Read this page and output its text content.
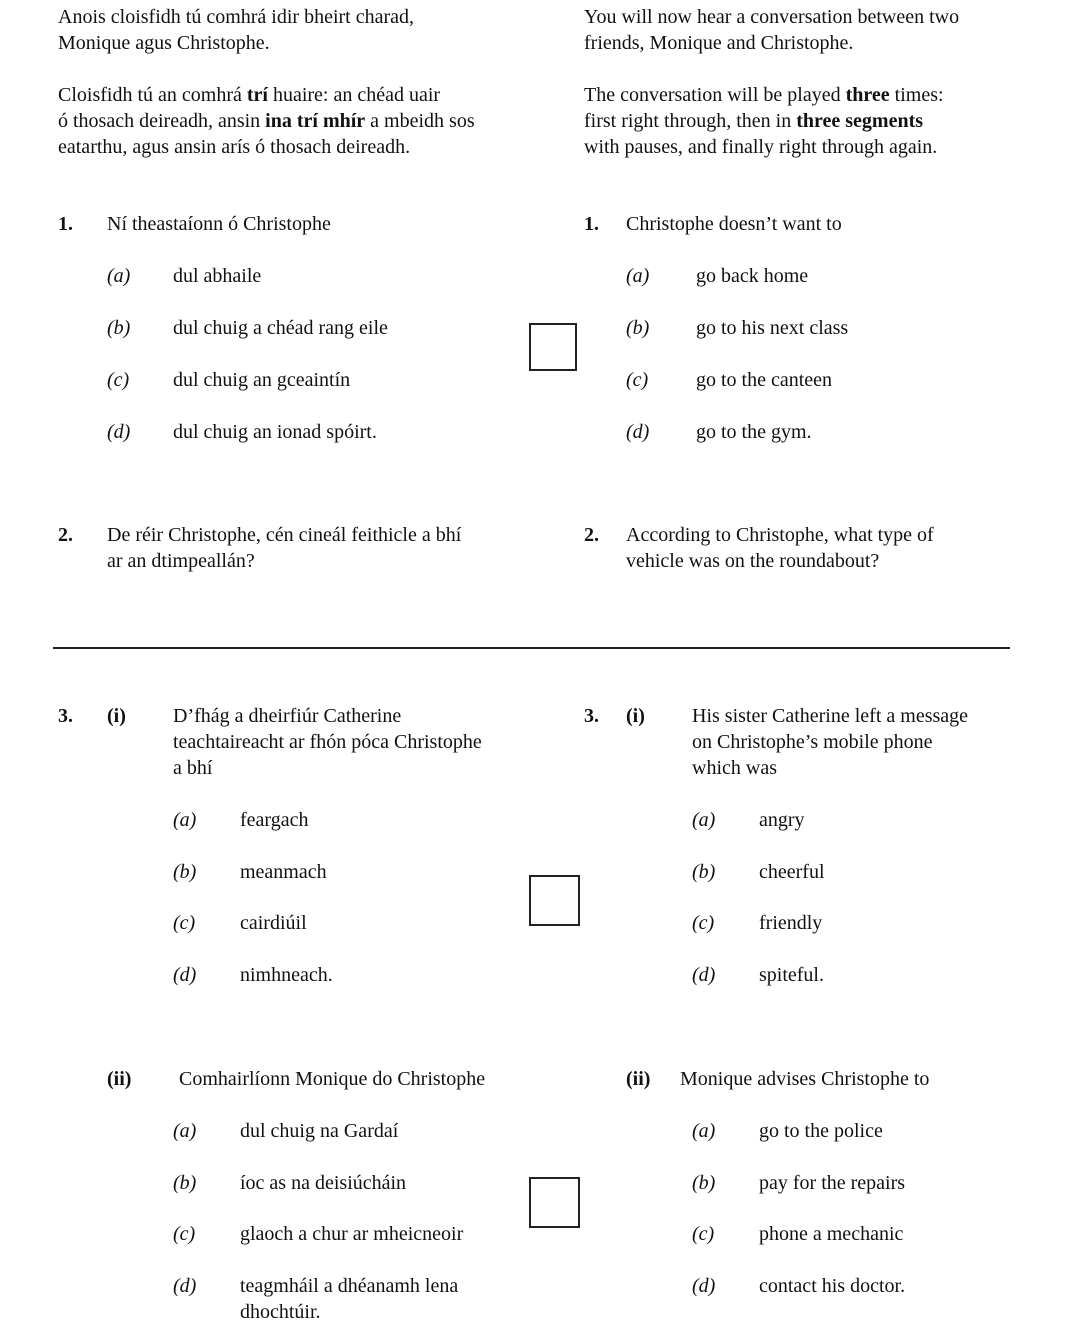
Anois cloisfidh tú comhrá idir bheirt charad,
Monique agus Christophe.
You will now hear a conversation between two
friends, Monique and Christophe.
Cloisfidh tú an comhrá trí huaire: an chéad uair
ó thosach deireadh, ansin ina trí mhír a mbeidh sos
eatarthu, agus ansin arís ó thosach deireadh.
The conversation will be played three times:
first right through, then in three segments
with pauses, and finally right through again.
1. Ní theastaíonn ó Christophe	1. Christophe doesn’t want to
(a) dul abhaile	(a) go back home
(b) dul chuig a chéad rang eile	(b) go to his next class
(c) dul chuig an gceaintín	(c) go to the canteen
(d) dul chuig an ionad spóirt.	(d) go to the gym.
2. De réir Christophe, cén cineál feithicle a bhí
ar an dtimpeallán?
2. According to Christophe, what type of
vehicle was on the roundabout?
3. (i) D’fhág a dheirfiúr Catherine
teachtaireacht ar fhón póca Christophe
a bhí
3. (i) His sister Catherine left a message
on Christophe’s mobile phone
which was
(a) feargach	(a) angry
(b) meanmach	(b) cheerful
(c) cairdiúil	(c) friendly
(d) nimhneach.	(d) spiteful.
(ii) Comhairlíonn Monique do Christophe	(ii) Monique advises Christophe to
(a) dul chuig na Gardaí	(a) go to the police
(b) íoc as na deisiúcháin	(b) pay for the repairs
(c) glaoch a chur ar mheicneoir	(c) phone a mechanic
(d) teagmháil a dhéanamh lena dhochtúir.
(d) contact his doctor.
